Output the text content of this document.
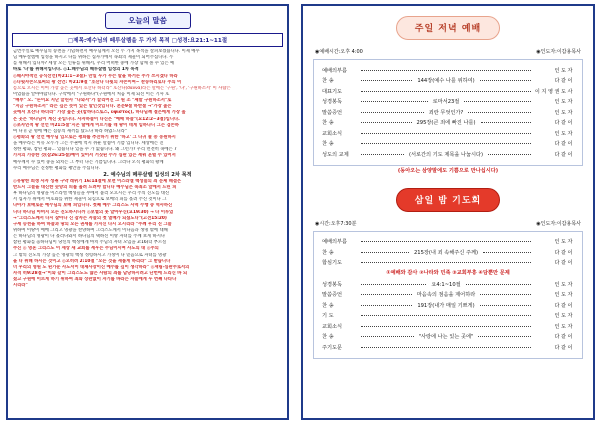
오늘의 말씀
□제목:예수님의 떼루살렘을 두 가지 목적 □성경:요21:1~11절
금번주일로 예수님의 승천을 기념하면서 예수님께서 오신 두 가지 목적을 살펴보겠습니다. 이제 예수
님 예루살렘에 입성을 하시고 나를 위하는 십자가에서 속죄의 제물이 되어주십니다. 누
를 위해서 입니까? 세상 모든 인류를 위해서, 우리 어떠한 중에 가장 함께 볼 수 있는 예
바로 '나'를 위해서입니다. ◎1.해수님의 떼루살렘 입성의 1차 목적
◎때시야적인 공식선언(마21:1~3절)- 만일 누가 무슨 말을 하거든 주가 쓰시겠다 하라
◎다윗자손으로써의 왕 선언: 마21:9절 "호산나 다윗의 자손이여~ 찬송하리로다 주의 이
름으로 오시는 이여 가장 높은 곳에서 호산나 하더라" 호산나(σαννά)라는 말에는 '구원', '다', '구원하소서' 이 사람은
이었습을 알아야합니다. 구약에서 "구원하다"(구원에서 처음 이제 되신 이는 기사 호
"배부" 오. "돈이요 지난 끌린사 "나와서"가 끌리어진 그 원 소 "제발 구원하소서"로
"지금 구원하소서" 라는 깊은 뜻이 있는 말인것입니다. 본문9절 하반절 →"가장 높은
곳에서 호산나 하더라" 가장 높은 곳(합하다스토스, ὑψιστος), 하나님께 절은에게 가장 높
은 곳은 '하나님이 계신 곳입니다. 사자하들이 다신은 "예배 하늘"(요12:2~3절)입니다.
◎초자연적 왕 선언 마21:5절"시온 딸에게 이르기를 네 왕이 네게 임하나니 그는 겸손하
여 나귀 곧 멍에 메는 짐승의 새끼를 탔도다 하라 하였느니라"
◎평화의 왕 선언 예수님 입으로는 평화를 추진하기 위한 '하고' 그 나귀 둘 중 동원하시
을 예수라는 이유 모두가 그는 주권에 역시 쉬운 말씀이 기쁨 입니다. 세상에는 진
정한 평화, 참된 평화... 있습니다 있을 수 가 없습니다. 왜 그런가? 우리 먼전히 속에는 7
가지의 가증한 것(잠26:25절)예이 있어서 거짓된 수가 심판 있는 세워 흔렬 수 있어서
예수께서 수 있어 중을 외치는 그 부터 다는 기쁨입니다. 그러나 오직 평화의 왕께
수리 예수님은 진정한 평화를 평안을 주십니다.
2. 예수님의 떼루살렘 입성의 2차 목적
◎유왕한 희생 사자 성취 구약 레위기 16:14절에 보면 이스라엘 백성들의 죄 문제 해결은
반드시 그들을 대신한 숫양의 피를 흘려 드려야 합니다 예수님은 속죄소 앞에서 드린 피
후 하나님의 영광을 이스라엘 백성들을 무에서 불러 모으시는 우리 주의 진노를 대신
서 십자가 위에서 여호와를 위한 제물이 되심으로 보배의 피를 흘려 주신 것이다 그
나아가 보배로운 예수님의 보배 피입니다. 첫째 예수 그리스도 사역 수행 중 역사하신
니다 하나님 아버지 모든 진노하시니까 ◎보혈의 못 알아우신(요19:30) → 다 이루었
→"그리스도께서 다시 살아나 신 잠자는 자들의 첫 열매가 되셨도다"(고전15:20)
구세 승천을 하여 하늘과 땅의 모든 권세를 가지신 다시 오시리라 "주께 우리 진 그들
위하여 이땅이 예배 그리고 영광을 찬양하여 그리스도께서 이나음과 생명 밖에 대해
는 하나님의 영광이 다 흘러나와서 하나님의 택하신 이방 자녀를 주께 보게 하시나
참된 평화를 ◎하나님이 당신의 백성에게 마치 주님의 자녀 모임을 3:16(더 부르실
주신 ◎ 영혼 그리스도 이 세상 새 교회를 세우는 주님이시여 사도의 대 ◎주의
그 밖의 진노의 가장 높은 영광의 백성 성령하시고 가정이 다 믿음으로 자녀를 영광
을 다 위해 하시는 것이고 ◎오히려 2:10절 "모든 것을 새롭게 하리라" 그 받습니다
너 우리의 영원 도 된가운 사도서이 대제사장이신 예수를 깊이 생각하라" ◎재림-심판주로서의
자격 히9:28절→"이와 같이 그리스도도 많은 사람의 죄를 담당하시려고 단번에 드리신 바 되
셨고 구원에 이르게 하기 위하여 죄와 상관없이 자기를 바라는 자들에게 두 번째 나타나
시리라"
주일 저녁 예배
◉예배시간:오후 4:00	◉인도자:이갑용목사
예배의부름	인도자
찬 송	144장(예수 나를 위하여)	다같이
대표기도	이지영권도사
성경봉독	로마서23절	인도자
말씀증언	죄란 무엇인가?	인도자
찬 송	295장(큰 죄에 빠진 나를)	다같이
교회소식	인도자
찬 송	다같이
성도의 교제	(서로간의 기도 제목을 나눕시다)	다같이
(동아오는 삼양말에도 기쁨으로 만나십시다)
삼일 밤 기도회
◉시간:오후7:30분	◉인도자:이갑용목사
예배의부름	인도자
찬 송	215장(내 죄 속해주신 주께)	다같이
합심기도	다같이
①예배와 감사 ②나라와 민족 ③교회부흥 ④담뿐만 문제
성경봉독	요4:1~10절	인도자
말씀증언	마음속의 점음을 제어하라	인도자
찬 송	191장(내가 매일 기쁘게)	다같이
기 도	인도자
교회소식	인도자
찬 송	"사랑에 나는 있는 곳에"	다같이
주기도문	다같이
